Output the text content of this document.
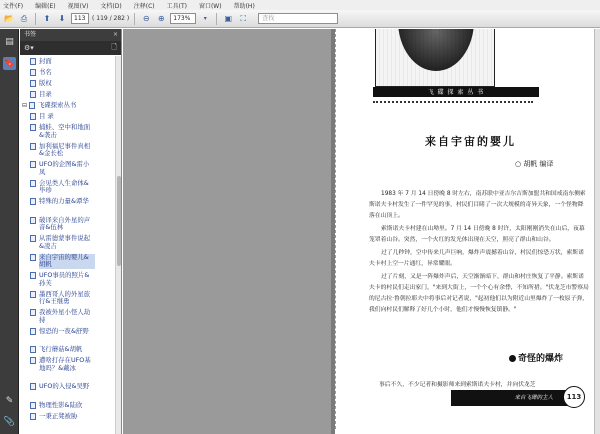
文件(F) 编辑(E) 视图(V) 文档(D) 注释(C) 工具(T) 窗口(W) 帮助(H)
📂 ⎙	⬆	⬇	113	( 119 / 282 )	⊖	⊕	173%	▾	▣	⛶	查找
▤
🔖
✎
📎
书签	×
⚙▾	🗋
封面
书名
版权
目录
⊟ 飞碟探索丛书
目 录
捕蛙、空中和地面&袭击
加利福尼事件真相&金长松
UFO的企图&雷小凤
会见类人生命体&毕珍
特殊的力量&谭华
破译来自外星的声音&伍林
从雷德蒙事件说起&凌吉
来自宇宙的婴儿&胡帆
UFO事员的照片&孙芙
墨西哥人的外星旅行&王继勇
我被外星小怪人劫持
惊恐的一夜&舒野
飞行蘑菇&胡帆
遭啥打存在UFO基地吗？&戴冰
UFO的入侵&吴野
物理性影&陆欣
一秉正凳被胁
飞 碟 探 索 丛 书
来自宇宙的婴儿
○ 胡帆 编译

1983 年 7 月 14 日傍晚 8 时左右，南苏联中亚吉尔吉斯加盟共和国戒南东侧索斯诺夫卡村发生了一件罕见的事，村民们目睹了一次大规模的奇异天象，一个怪物降落在山顶上。

索斯诺夫卡村建在山坳里。7 月 14 日傍晚 8 时许，太阳刚刚消失在山后，夜幕笼罩着山谷。突然，一个火红的发光体出现在天空，照亮了群山和山谷。

过了几秒钟，空中传来几声巨响，爆炸声震撼着山谷，村民们惊恐万状，索斯诺夫卡村上空一片通红，异常耀眼。

过了片刻，又是一阵爆炸声后，天空渐渐暗下，群山和村庄恢复了平静。索斯诺夫卡的村民们走出家门，"来到大街上，一个个心有余悸，不知所措。"伏龙芝市警察局的尼古拉·鲁朝拉耶夫中将事后对记者说，"起初他们以为附近山里爆炸了一枚原子弹，我们向村民们解释了好几个小时，他们才慢慢恢复镇静。"

奇怪的爆炸
事后不久，不少记者和摄影师来到索斯诺夫卡村，并向伏龙芝
来自飞碟的主人	113
